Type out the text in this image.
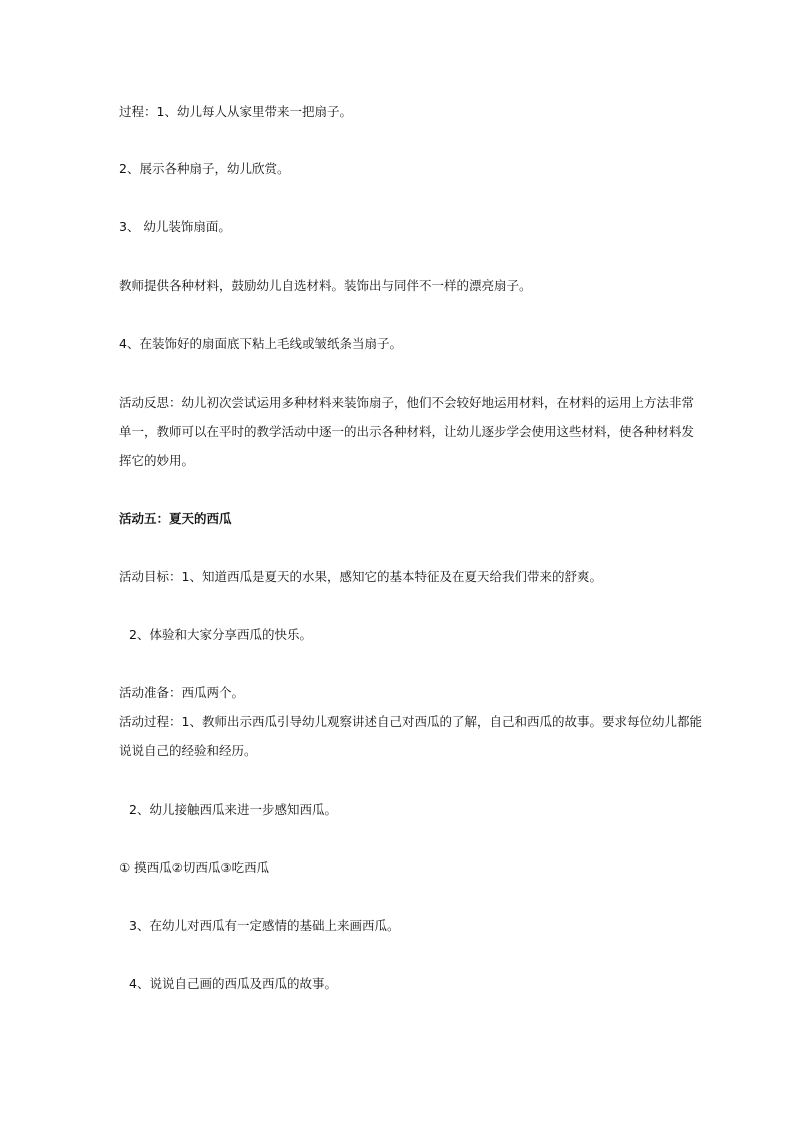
过程：1、幼儿每人从家里带来一把扇子。
2、展示各种扇子，幼儿欣赏。
3、 幼儿装饰扇面。
教师提供各种材料，鼓励幼儿自选材料。装饰出与同伴不一样的漂亮扇子。
4、在装饰好的扇面底下粘上毛线或皱纸条当扇子。
活动反思：幼儿初次尝试运用多种材料来装饰扇子，他们不会较好地运用材料，在材料的运用上方法非常
单一，教师可以在平时的教学活动中逐一的出示各种材料，让幼儿逐步学会使用这些材料，使各种材料发
挥它的妙用。
活动五：夏天的西瓜
活动目标：1、知道西瓜是夏天的水果，感知它的基本特征及在夏天给我们带来的舒爽。
2、体验和大家分享西瓜的快乐。
活动准备：西瓜两个。
活动过程：1、教师出示西瓜引导幼儿观察讲述自己对西瓜的了解，自己和西瓜的故事。要求每位幼儿都能
说说自己的经验和经历。
2、幼儿接触西瓜来进一步感知西瓜。
① 摸西瓜②切西瓜③吃西瓜
3、在幼儿对西瓜有一定感情的基础上来画西瓜。
4、说说自己画的西瓜及西瓜的故事。
